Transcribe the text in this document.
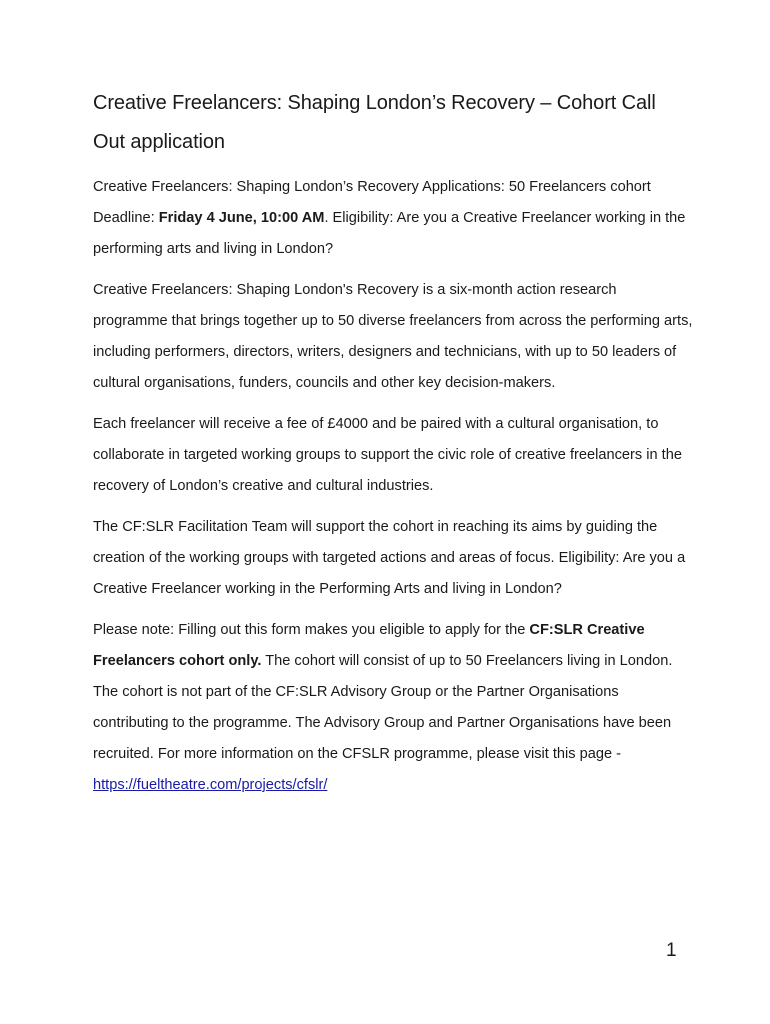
Creative Freelancers: Shaping London’s Recovery – Cohort Call Out application

Creative Freelancers: Shaping London’s Recovery Applications: 50 Freelancers cohort Deadline: Friday 4 June, 10:00 AM. Eligibility: Are you a Creative Freelancer working in the performing arts and living in London?

Creative Freelancers: Shaping London's Recovery is a six-month action research programme that brings together up to 50 diverse freelancers from across the performing arts, including performers, directors, writers, designers and technicians, with up to 50 leaders of cultural organisations, funders, councils and other key decision-makers.

Each freelancer will receive a fee of £4000 and be paired with a cultural organisation, to collaborate in targeted working groups to support the civic role of creative freelancers in the recovery of London’s creative and cultural industries.

The CF:SLR Facilitation Team will support the cohort in reaching its aims by guiding the creation of the working groups with targeted actions and areas of focus. Eligibility: Are you a Creative Freelancer working in the Performing Arts and living in London?

Please note: Filling out this form makes you eligible to apply for the CF:SLR Creative Freelancers cohort only. The cohort will consist of up to 50 Freelancers living in London. The cohort is not part of the CF:SLR Advisory Group or the Partner Organisations contributing to the programme. The Advisory Group and Partner Organisations have been recruited. For more information on the CFSLR programme, please visit this page -
https://fueltheatre.com/projects/cfslr/

1
